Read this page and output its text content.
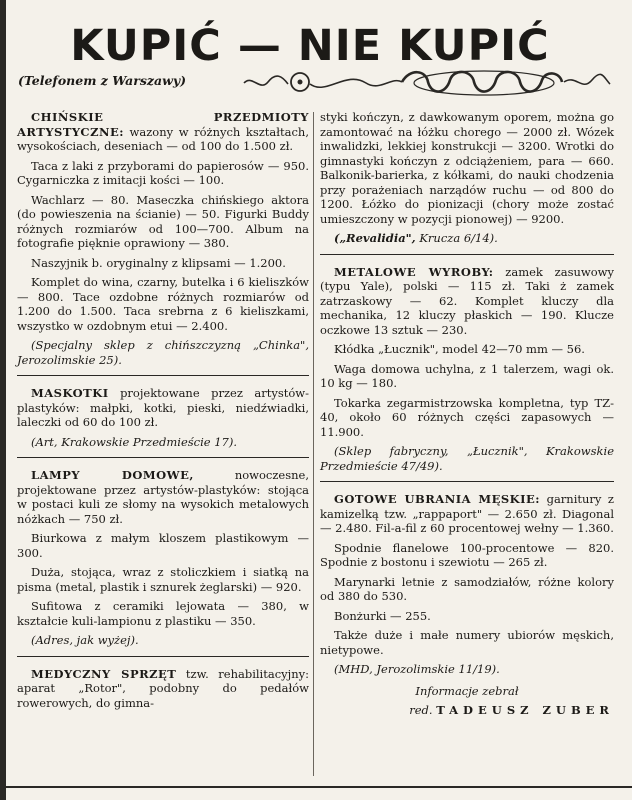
KUPIĆ — NIE KUPIĆ
(Telefonem z Warszawy)

CHIŃSKIE PRZEDMIOTY ARTYSTYCZNE: wazony w różnych kształtach, wysokościach, deseniach — od 100 do 1.500 zł.

Taca z laki z przyborami do papierosów — 950. Cygarniczka z imitacji kości — 100.

Wachlarz — 80. Maseczka chińskiego aktora (do powieszenia na ścianie) — 50. Figurki Buddy różnych rozmiarów od 100—700. Album na fotografie pięknie oprawiony — 380.

Naszyjnik b. oryginalny z klipsami — 1.200.

Komplet do wina, czarny, butelka i 6 kieliszków — 800. Tace ozdobne różnych rozmiarów od 1.200 do 1.500. Taca srebrna z 6 kieliszkami, wszystko w ozdobnym etui — 2.400.

(Specjalny sklep z chińszczyzną „Chinka", Jerozolimskie 25).

MASKOTKI projektowane przez artystów-plastyków: małpki, kotki, pieski, niedźwiadki, laleczki od 60 do 100 zł.

(Art, Krakowskie Przedmieście 17).

LAMPY DOMOWE,	nowoczesne, projektowane przez artystów-plastyków: stojąca w postaci kuli ze słomy na wysokich metalowych nóżkach — 750 zł.

Biurkowa z małym kloszem plastikowym — 300.

Duża, stojąca, wraz z stoliczkiem i siatką na pisma (metal, plastik i sznurek żeglarski) — 920.

Sufitowa z ceramiki lejowata — 380, w kształcie kuli-lampionu z plastiku — 350.

(Adres, jak wyżej).

MEDYCZNY SPRZĘT tzw. rehabilitacyjny: aparat „Rotor", podobny do pedałów rowerowych, do gimna-

styki kończyn, z dawkowanym oporem, można go zamontować na łóżku chorego — 2000 zł. Wózek inwalidzki, lekkiej konstrukcji — 3200. Wrotki do gimnastyki kończyn z odciążeniem, para — 660. Balkonik-barierka, z kółkami, do nauki chodzenia przy porażeniach narządów ruchu — od 800 do 1200. Łóżko do pionizacji (chory może zostać umieszczony w pozycji pionowej) — 9200.

(„Revalidia", Krucza 6/14).

METALOWE WYROBY: zamek zasuwowy (typu Yale), polski — 115 zł. Taki ż zamek zatrzaskowy — 62. Komplet kluczy dla mechanika, 12 kluczy płaskich — 190. Klucze oczkowe 13 sztuk — 230.

Kłódka „Łucznik", model 42—70 mm — 56.

Waga domowa uchylna, z 1 talerzem, wagi ok. 10 kg — 180.

Tokarka zegarmistrzowska kompletna, typ TZ-40, około 60 różnych części zapasowych — 11.900.

(Sklep fabryczny, „Łucznik", Krakowskie Przedmieście 47/49).

GOTOWE UBRANIA MĘSKIE: garnitury z kamizelką tzw. „rappaport" — 2.650 zł. Diagonal — 2.480. Fil-a-fil z 60 procentowej wełny — 1.360.

Spodnie flanelowe 100-procentowe — 820. Spodnie z bostonu i szewiotu — 265 zł.

Marynarki letnie z samodziałów, różne kolory od 380 do 530.

Bonżurki — 255.

Także duże i małe numery ubiorów męskich, nietypowe.

(MHD, Jerozolimskie 11/19).

Informacje zebrał

red. TADEUSZ ZUBER
